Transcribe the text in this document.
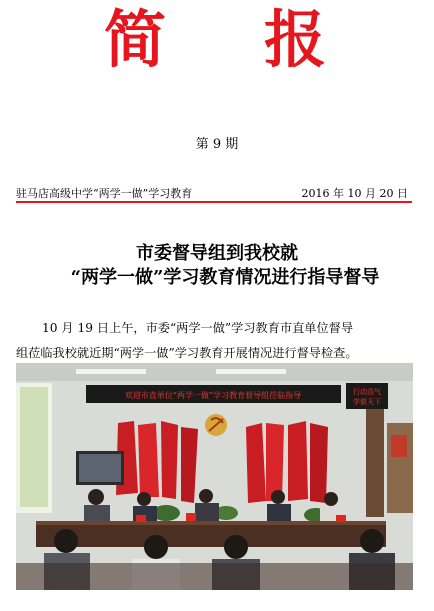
简 报
第 9 期
驻马店高级中学“两学一做”学习教育	2016 年 10 月 20 日
市委督导组到我校就
“两学一做”学习教育情况进行指导督导
10 月 19 日上午，市委“两学一做”学习教育市直单位督导
组莅临我校就近期“两学一做”学习教育开展情况进行督导检查。
欢迎市直单位“两学一做”学习教育督导组莅临指导	行动浩气
学做天下
